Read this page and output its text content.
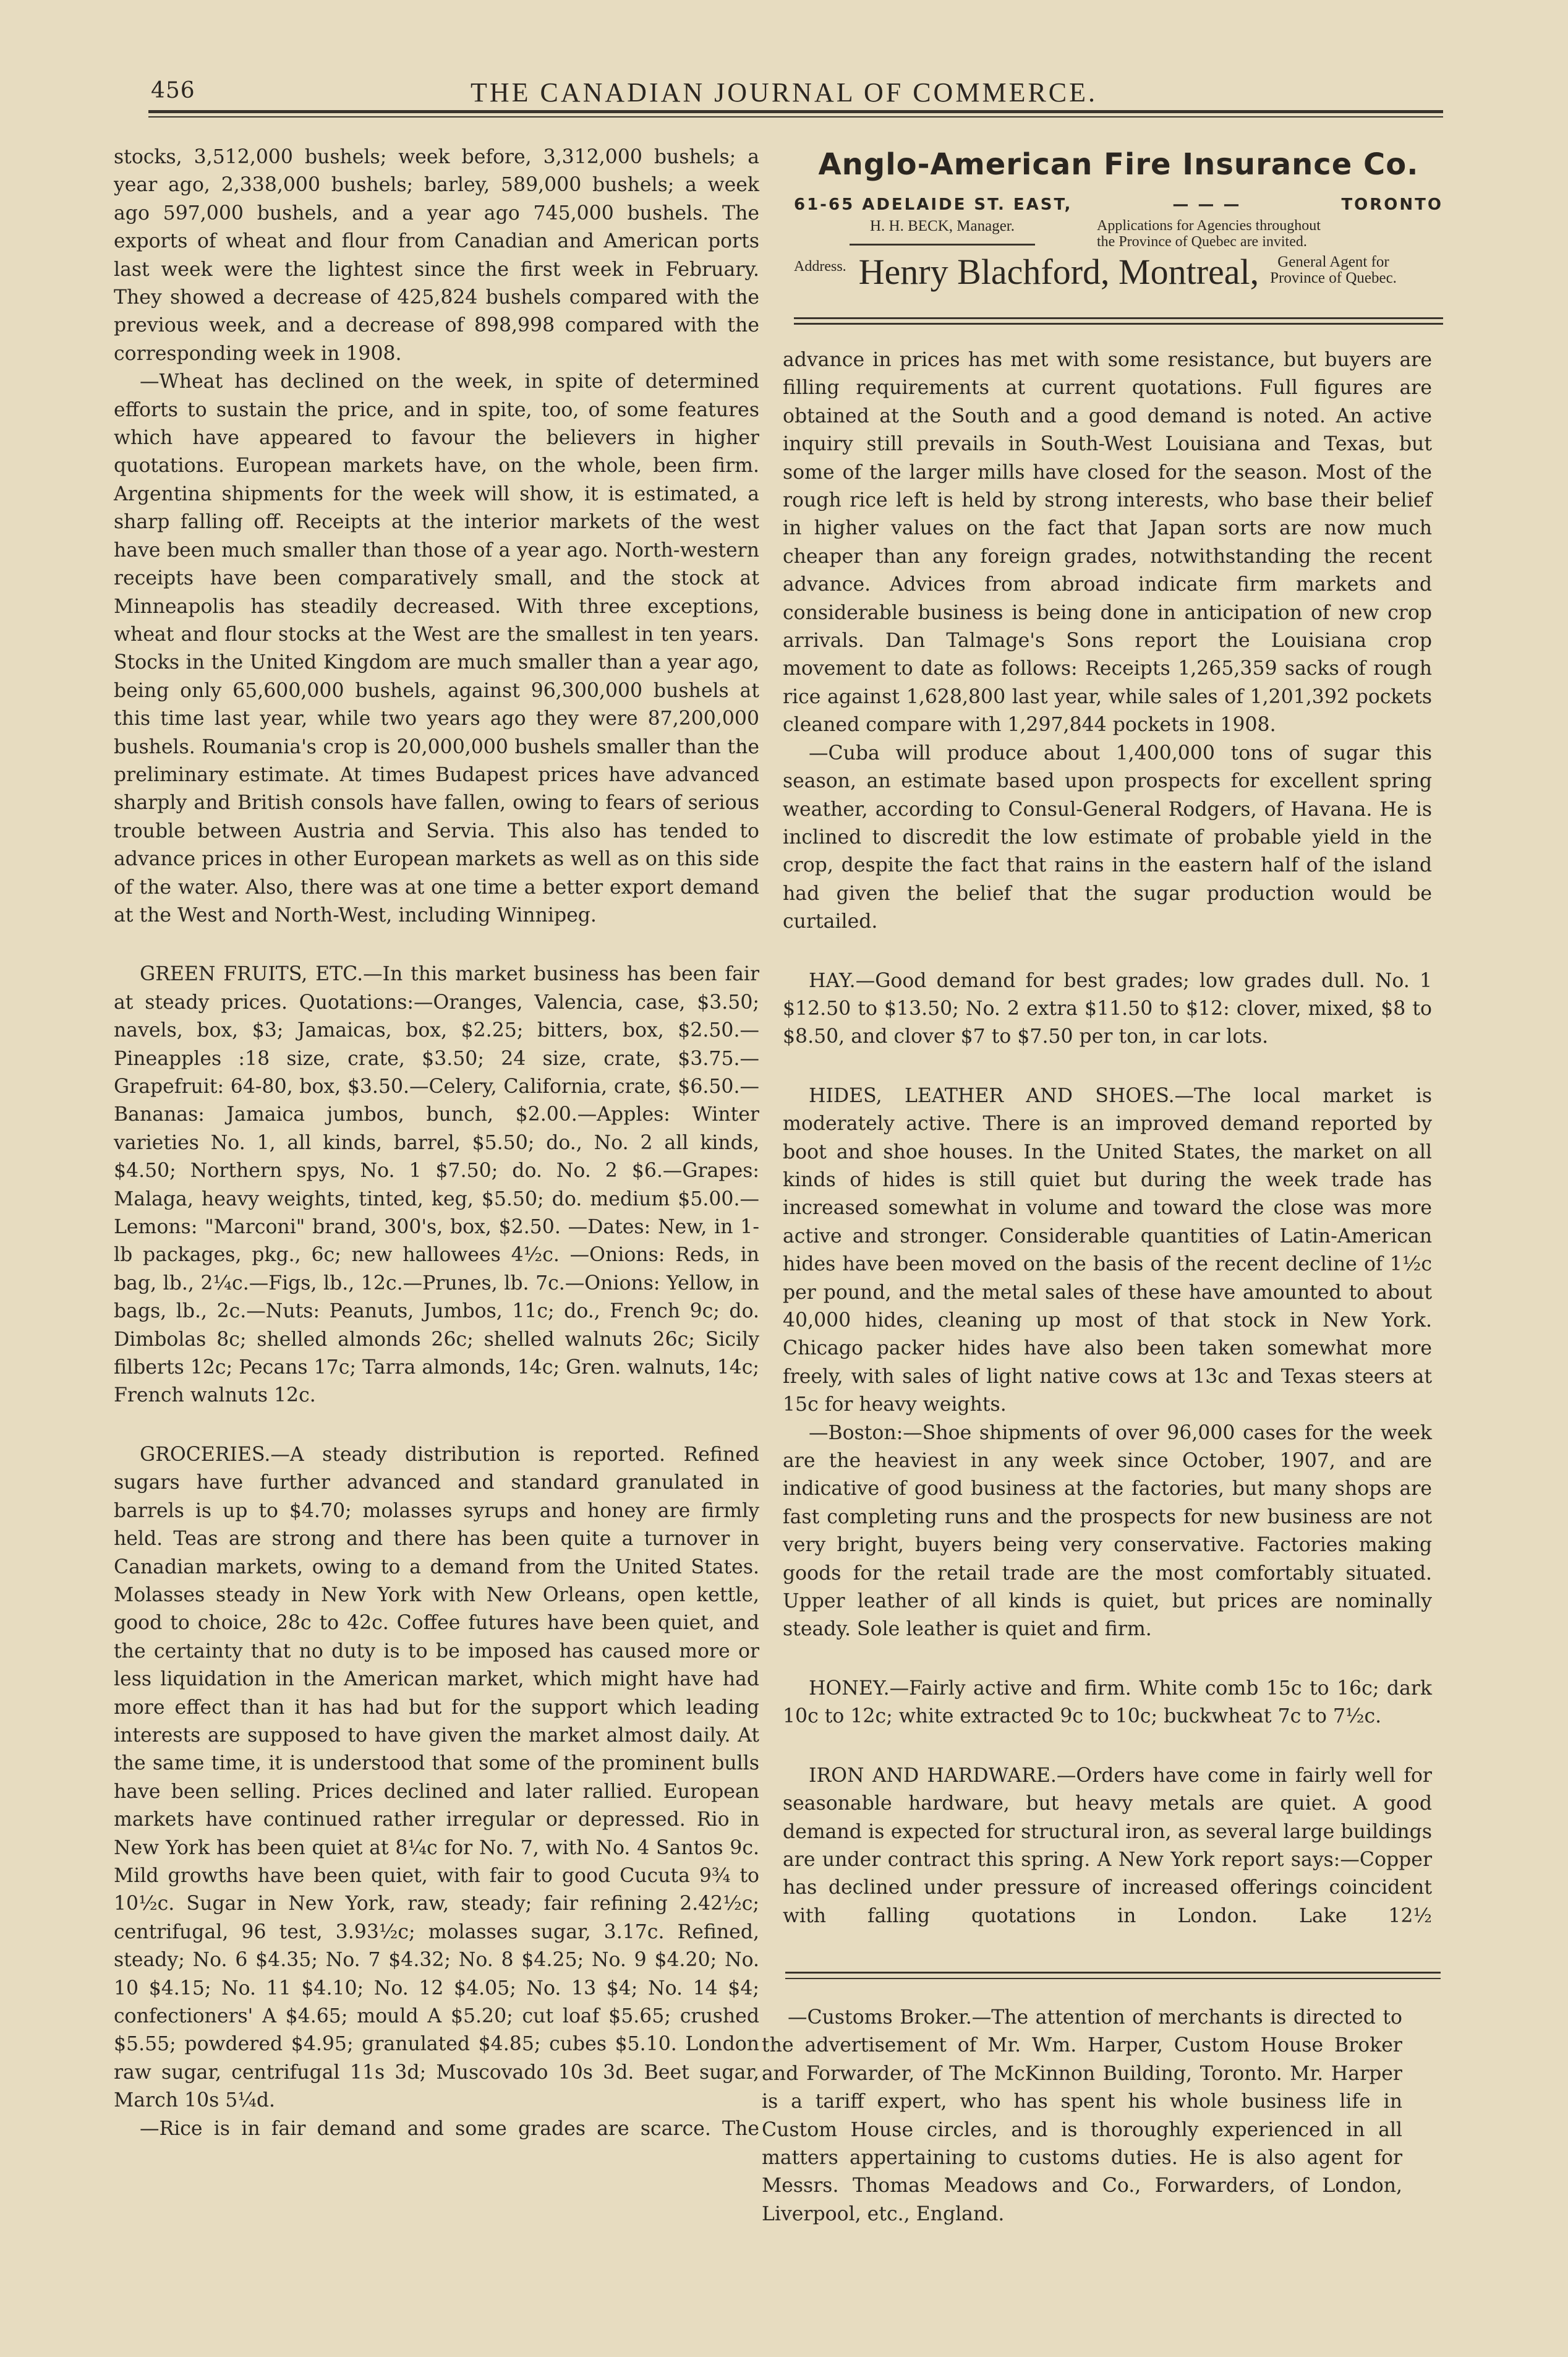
456	THE CANADIAN JOURNAL OF COMMERCE.

stocks, 3,512,000 bushels; week before, 3,312,000 bushels; a year ago, 2,338,000 bushels; barley, 589,000 bushels; a week ago 597,000 bushels, and a year ago 745,000 bushels. The exports of wheat and flour from Canadian and American ports last week were the lightest since the first week in February. They showed a decrease of 425,824 bushels compared with the previous week, and a decrease of 898,998 compared with the corresponding week in 1908.

—Wheat has declined on the week, in spite of determined efforts to sustain the price, and in spite, too, of some features which have appeared to favour the believers in higher quotations. European markets have, on the whole, been firm. Argentina shipments for the week will show, it is estimated, a sharp falling off. Receipts at the interior markets of the west have been much smaller than those of a year ago. North-western receipts have been comparatively small, and the stock at Minneapolis has steadily decreased. With three exceptions, wheat and flour stocks at the West are the smallest in ten years. Stocks in the United Kingdom are much smaller than a year ago, being only 65,600,000 bushels, against 96,300,000 bushels at this time last year, while two years ago they were 87,200,000 bushels. Roumania's crop is 20,000,000 bushels smaller than the preliminary estimate. At times Budapest prices have advanced sharply and British consols have fallen, owing to fears of serious trouble between Austria and Servia. This also has tended to advance prices in other European markets as well as on this side of the water. Also, there was at one time a better export demand at the West and North-West, including Winnipeg.

GREEN FRUITS, ETC.—In this market business has been fair at steady prices. Quotations:—Oranges, Valencia, case, $3.50; navels, box, $3; Jamaicas, box, $2.25; bitters, box, $2.50.—Pineapples :18 size, crate, $3.50; 24 size, crate, $3.75.—Grapefruit: 64-80, box, $3.50.—Celery, California, crate, $6.50.—Bananas: Jamaica jumbos, bunch, $2.00.—Apples: Winter varieties No. 1, all kinds, barrel, $5.50; do., No. 2 all kinds, $4.50; Northern spys, No. 1 $7.50; do. No. 2 $6.—Grapes: Malaga, heavy weights, tinted, keg, $5.50; do. medium $5.00.—Lemons: "Marconi" brand, 300's, box, $2.50. —Dates: New, in 1-lb packages, pkg., 6c; new hallowees 4½c. —Onions: Reds, in bag, lb., 2¼c.—Figs, lb., 12c.—Prunes, lb. 7c.—Onions: Yellow, in bags, lb., 2c.—Nuts: Peanuts, Jumbos, 11c; do., French 9c; do. Dimbolas 8c; shelled almonds 26c; shelled walnuts 26c; Sicily filberts 12c; Pecans 17c; Tarra almonds, 14c; Gren. walnuts, 14c; French walnuts 12c.

GROCERIES.—A steady distribution is reported. Refined sugars have further advanced and standard granulated in barrels is up to $4.70; molasses syrups and honey are firmly held. Teas are strong and there has been quite a turnover in Canadian markets, owing to a demand from the United States. Molasses steady in New York with New Orleans, open kettle, good to choice, 28c to 42c. Coffee futures have been quiet, and the certainty that no duty is to be imposed has caused more or less liquidation in the American market, which might have had more effect than it has had but for the support which leading interests are supposed to have given the market almost daily. At the same time, it is understood that some of the prominent bulls have been selling. Prices declined and later rallied. European markets have continued rather irregular or depressed. Rio in New York has been quiet at 8¼c for No. 7, with No. 4 Santos 9c. Mild growths have been quiet, with fair to good Cucuta 9¾ to 10½c. Sugar in New York, raw, steady; fair refining 2.42½c; centrifugal, 96 test, 3.93½c; molasses sugar, 3.17c. Refined, steady; No. 6 $4.35; No. 7 $4.32; No. 8 $4.25; No. 9 $4.20; No. 10 $4.15; No. 11 $4.10; No. 12 $4.05; No. 13 $4; No. 14 $4; confectioners' A $4.65; mould A $5.20; cut loaf $5.65; crushed $5.55; powdered $4.95; granulated $4.85; cubes $5.10. London raw sugar, centrifugal 11s 3d; Muscovado 10s 3d. Beet sugar, March 10s 5¼d.

—Rice is in fair demand and some grades are scarce. The

Anglo-American Fire Insurance Co.
61-65 ADELAIDE ST. EAST,	— — —	TORONTO
H. H. BECK, Manager.	Applications for Agencies throughout
the Province of Quebec are invited.
Address. Henry Blachford, Montreal,	General Agent for
Province of Quebec.

advance in prices has met with some resistance, but buyers are filling requirements at current quotations. Full figures are obtained at the South and a good demand is noted. An active inquiry still prevails in South-West Louisiana and Texas, but some of the larger mills have closed for the season. Most of the rough rice left is held by strong interests, who base their belief in higher values on the fact that Japan sorts are now much cheaper than any foreign grades, notwithstanding the recent advance. Advices from abroad indicate firm markets and considerable business is being done in anticipation of new crop arrivals. Dan Talmage's Sons report the Louisiana crop movement to date as follows: Receipts 1,265,359 sacks of rough rice against 1,628,800 last year, while sales of 1,201,392 pockets cleaned compare with 1,297,844 pockets in 1908.

—Cuba will produce about 1,400,000 tons of sugar this season, an estimate based upon prospects for excellent spring weather, according to Consul-General Rodgers, of Havana. He is inclined to discredit the low estimate of probable yield in the crop, despite the fact that rains in the eastern half of the island had given the belief that the sugar production would be curtailed.

HAY.—Good demand for best grades; low grades dull. No. 1 $12.50 to $13.50; No. 2 extra $11.50 to $12: clover, mixed, $8 to $8.50, and clover $7 to $7.50 per ton, in car lots.

HIDES, LEATHER AND SHOES.—The local market is moderately active. There is an improved demand reported by boot and shoe houses. In the United States, the market on all kinds of hides is still quiet but during the week trade has increased somewhat in volume and toward the close was more active and stronger. Considerable quantities of Latin-American hides have been moved on the basis of the recent decline of 1½c per pound, and the metal sales of these have amounted to about 40,000 hides, cleaning up most of that stock in New York. Chicago packer hides have also been taken somewhat more freely, with sales of light native cows at 13c and Texas steers at 15c for heavy weights.

—Boston:—Shoe shipments of over 96,000 cases for the week are the heaviest in any week since October, 1907, and are indicative of good business at the factories, but many shops are fast completing runs and the prospects for new business are not very bright, buyers being very conservative. Factories making goods for the retail trade are the most comfortably situated. Upper leather of all kinds is quiet, but prices are nominally steady. Sole leather is quiet and firm.

HONEY.—Fairly active and firm. White comb 15c to 16c; dark 10c to 12c; white extracted 9c to 10c; buckwheat 7c to 7½c.

IRON AND HARDWARE.—Orders have come in fairly well for seasonable hardware, but heavy metals are quiet. A good demand is expected for structural iron, as several large buildings are under contract this spring. A New York report says:—Copper has declined under pressure of increased offerings coincident with falling quotations in London. Lake 12½

—Customs Broker.—The attention of merchants is directed to the advertisement of Mr. Wm. Harper, Custom House Broker and Forwarder, of The McKinnon Building, Toronto. Mr. Harper is a tariff expert, who has spent his whole business life in Custom House circles, and is thoroughly experienced in all matters appertaining to customs duties. He is also agent for Messrs. Thomas Meadows and Co., Forwarders, of London, Liverpool, etc., England.
